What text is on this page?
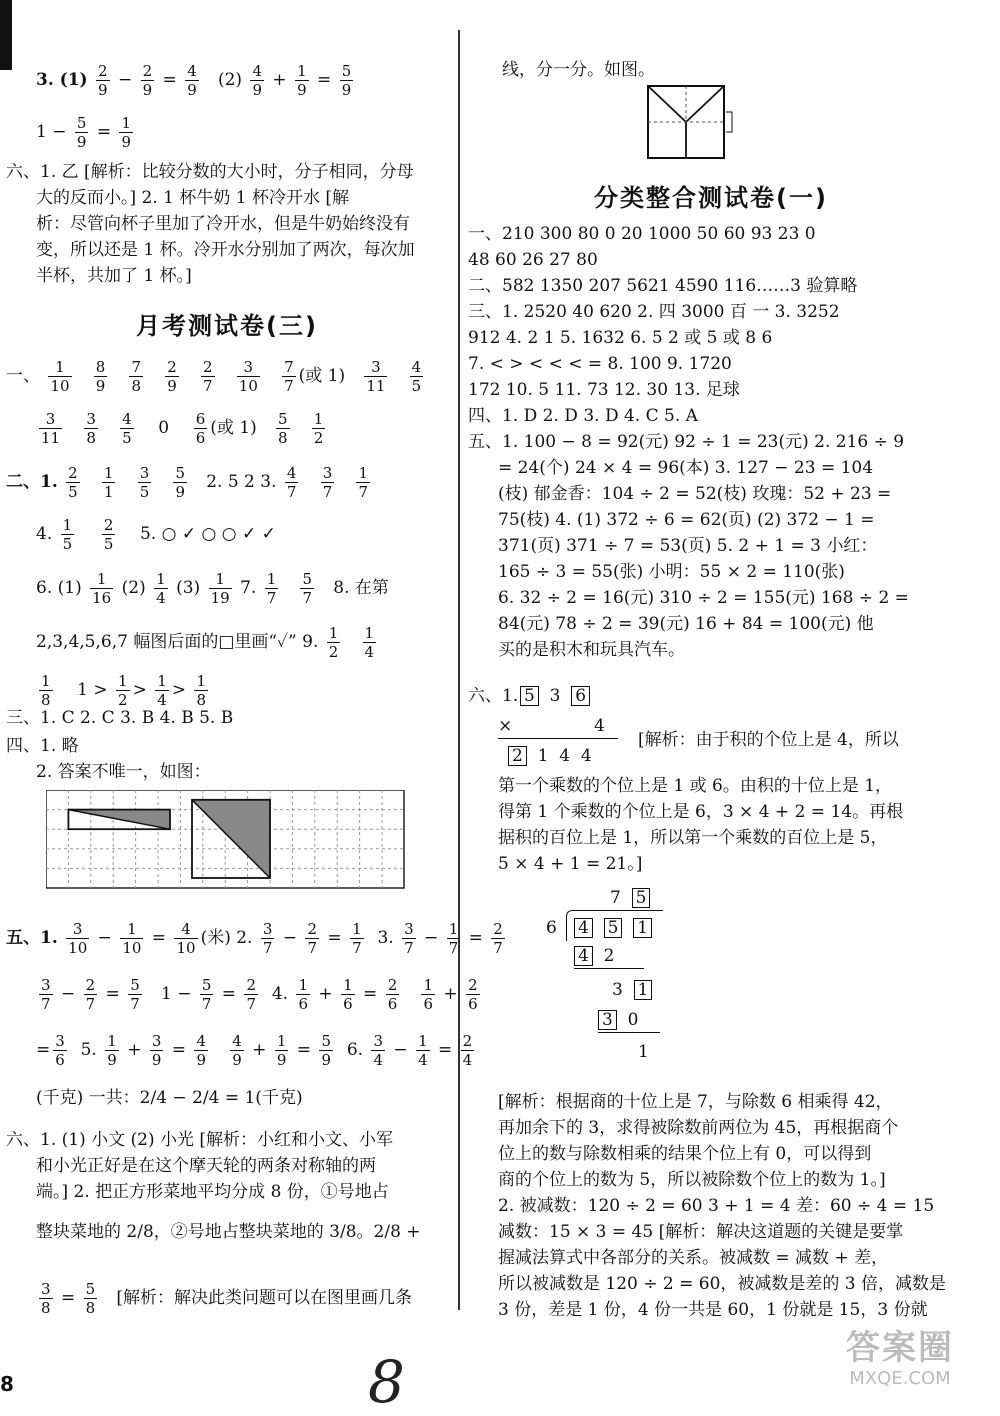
3. $(1) \frac{2}{9} - \frac{2}{9} = \frac{4}{9} (2) \frac{4}{9} + \frac{1}{9} = \frac{5}{9}$
$1 - \frac{5}{9} = \frac{1}{9}$
六、1. 乙 [解析：比较分数的大小时，分子相同，分母
大的反而小。] 2. 1 杯牛奶 1 杯冷开水 [解
析：尽管向杯子里加了冷开水，但是牛奶始终没有
变，所以还是 1 杯。冷开水分别加了两次，每次加
半杯，共加了 1 杯。]
月考测试卷(三)
一、 $\frac{1}{10}$
$\frac{8}{9}$
$\frac{7}{8}$
$\frac{2}{9}$
$\frac{2}{7}$
$\frac{3}{10}$
$\frac{7}{7}$ (或 $1) \frac{3}{11}$
$\frac{4}{5}$
$\frac{3}{11}$
$\frac{3}{8}$
$\frac{4}{5} 0 \frac{6}{6}$ (或 $1) \frac{5}{8}$
$\frac{1}{2}$
二、1. $\frac{2}{5}$
$\frac{1}{1}$
$\frac{3}{5}$
$\frac{5}{9} 2$. 5 2 3. $\frac{4}{7}$
$\frac{3}{7}$
$\frac{1}{7}$
4. $\frac{1}{5}$
$\frac{2}{5} 5$. ○ ✓ ○ ○ ✓ ✓
6. $(1) \frac{1}{16} (2) \frac{1}{4} (3) \frac{1}{19} 7$. $\frac{1}{7}$
$\frac{5}{7} 8$. 在第
2,3,4,5,6,7 幅图后面的□里画“✓” 9. $\frac{1}{2}$
$\frac{1}{4}$
$\frac{1}{8} 1 > \frac{1}{2} > \frac{1}{4} > \frac{1}{8}$
三、1. C 2. C 3. B 4. B 5. B
四、1. 略
2. 答案不唯一，如图：
五、1. $\frac{3}{10} - \frac{1}{10} = \frac{4}{10}$ (米) 2. $\frac{3}{7} - \frac{2}{7} = \frac{1}{7} 3$. $\frac{3}{7} - \frac{1}{7} = \frac{2}{7}$
$\frac{3}{7} - \frac{2}{7} = \frac{5}{7} 1 - \frac{5}{7} = \frac{2}{7} 4$. $\frac{1}{6} + \frac{1}{6} = \frac{2}{6}$
$\frac{1}{6} + \frac{2}{6}$
= $\frac{3}{6} 5$. $\frac{1}{9} + \frac{3}{9} = \frac{4}{9}$
$\frac{4}{9} + \frac{1}{9} = \frac{5}{9} 6$. $\frac{3}{4} - \frac{1}{4} = \frac{2}{4}$
(千克) 一共：2/4 − 2/4 = 1(千克)
六、1. (1) 小文 (2) 小光 [解析：小红和小文、小军
和小光正好是在这个摩天轮的两条对称轴的两
端。] 2. 把正方形菜地平均分成 8 份，①号地占
整块菜地的 2/8，②号地占整块菜地的 3/8。2/8 +
$\frac{3}{8} = \frac{5}{8}$ [解析：解决此类问题可以在图里画几条
线，分一分。如图。
分类整合测试卷(一)
一、210 300 80 0 20 1000 50 60 93 23 0
48 60 26 27 80
二、582 1350 207 5621 4590 116……3 验算略
三、1. 2520 40 620 2. 四 3000 百 一 3. 3252
912 4. 2 1 5. 1632 6. 5 2 或 5 或 8 6
7. < > < < < = 8. 100 9. 1720
172 10. 5 11. 73 12. 30 13. 足球
四、1. D 2. D 3. D 4. C 5. A
五、1. 100 − 8 = 92(元) 92 ÷ 1 = 23(元) 2. 216 ÷ 9
= 24(个) 24 × 4 = 96(本) 3. 127 − 23 = 104
(枝) 郁金香：104 ÷ 2 = 52(枝) 玫瑰：52 + 23 =
75(枝) 4. (1) 372 ÷ 6 = 62(页) (2) 372 − 1 =
371(页) 371 ÷ 7 = 53(页) 5. 2 + 1 = 3 小红：
165 ÷ 3 = 55(张) 小明：55 × 2 = 110(张)
6. 32 ÷ 2 = 16(元) 310 ÷ 2 = 155(元) 168 ÷ 2 =
84(元) 78 ÷ 2 = 39(元) 16 + 84 = 100(元) 他
买的是积木和玩具汽车。
六、1. 5 3 6
×	4
2 1 4 4
[解析：由于积的个位上是 4，所以
第一个乘数的个位上是 1 或 6。由积的十位上是 1，
得第 1 个乘数的个位上是 6，3 × 4 + 2 = 14。再根
据积的百位上是 1，所以第一个乘数的百位上是 5，
5 × 4 + 1 = 21。]
7 5
6 4 5 1
4 2
3 1
3 0
1
[解析：根据商的十位上是 7，与除数 6 相乘得 42，
再加余下的 3，求得被除数前两位为 45，再根据商个
位上的数与除数相乘的结果个位上有 0，可以得到
商的个位上的数为 5，所以被除数个位上的数为 1。]
2. 被减数：120 ÷ 2 = 60 3 + 1 = 4 差：60 ÷ 4 = 15
减数：15 × 3 = 45 [解析：解决这道题的关键是要掌
握减法算式中各部分的关系。被减数 = 减数 + 差，
所以被减数是 120 ÷ 2 = 60，被减数是差的 3 倍，减数是
3 份，差是 1 份，4 份一共是 60，1 份就是 15，3 份就
8	8	答案圈
MXQE.COM
